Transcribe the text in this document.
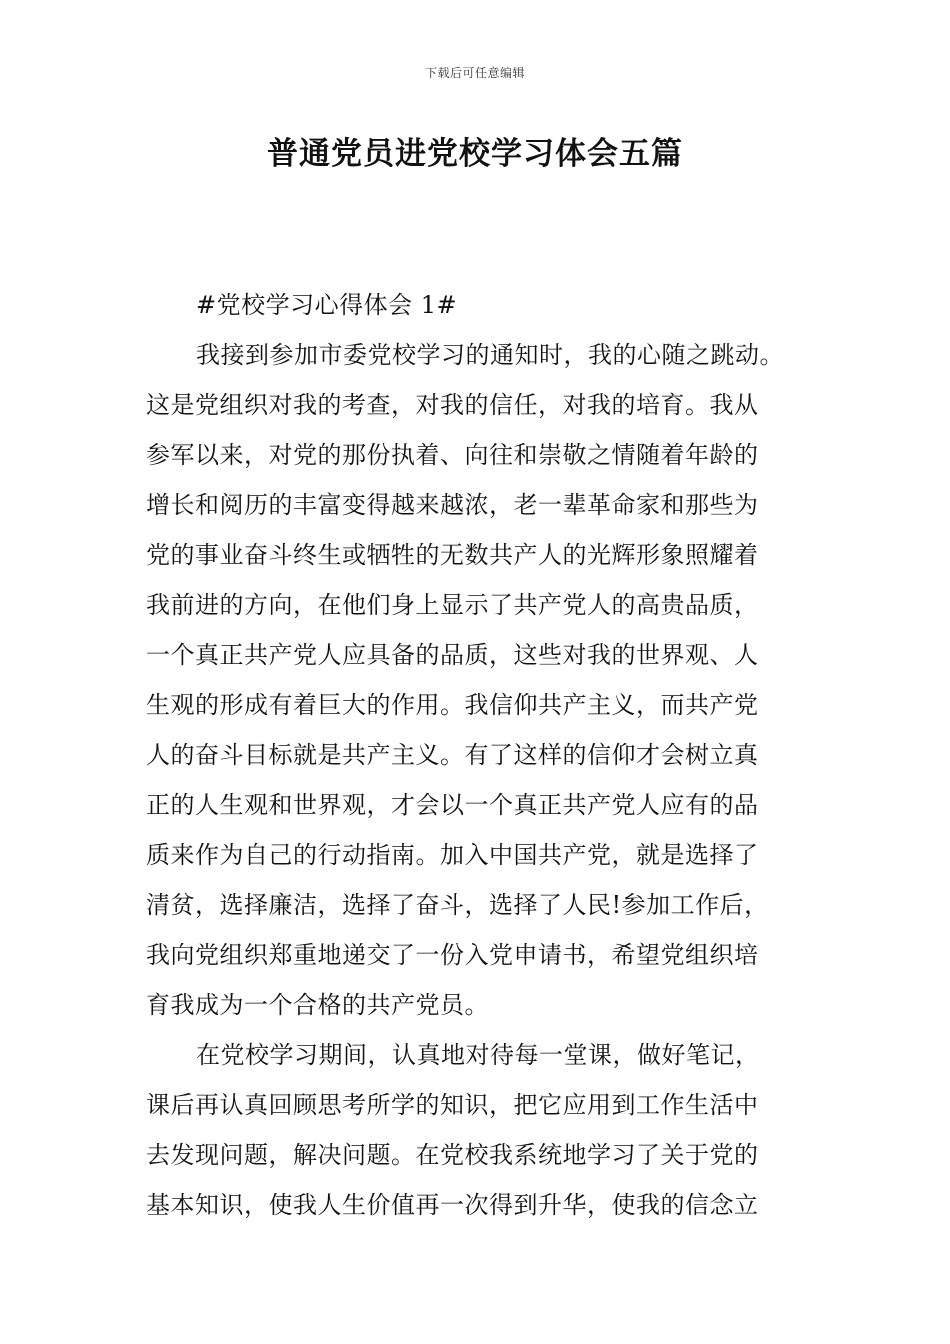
下载后可任意编辑
普通党员进党校学习体会五篇
#党校学习心得体会 1#
我接到参加市委党校学习的通知时，我的心随之跳动。
这是党组织对我的考查，对我的信任，对我的培育。我从
参军以来，对党的那份执着、向往和崇敬之情随着年龄的
增长和阅历的丰富变得越来越浓，老一辈革命家和那些为
党的事业奋斗终生或牺牲的无数共产人的光辉形象照耀着
我前进的方向，在他们身上显示了共产党人的高贵品质，
一个真正共产党人应具备的品质，这些对我的世界观、人
生观的形成有着巨大的作用。我信仰共产主义，而共产党
人的奋斗目标就是共产主义。有了这样的信仰才会树立真
正的人生观和世界观，才会以一个真正共产党人应有的品
质来作为自己的行动指南。加入中国共产党，就是选择了
清贫，选择廉洁，选择了奋斗，选择了人民!参加工作后，
我向党组织郑重地递交了一份入党申请书，希望党组织培
育我成为一个合格的共产党员。
在党校学习期间，认真地对待每一堂课，做好笔记，
课后再认真回顾思考所学的知识，把它应用到工作生活中
去发现问题，解决问题。在党校我系统地学习了关于党的
基本知识，使我人生价值再一次得到升华，使我的信念立
